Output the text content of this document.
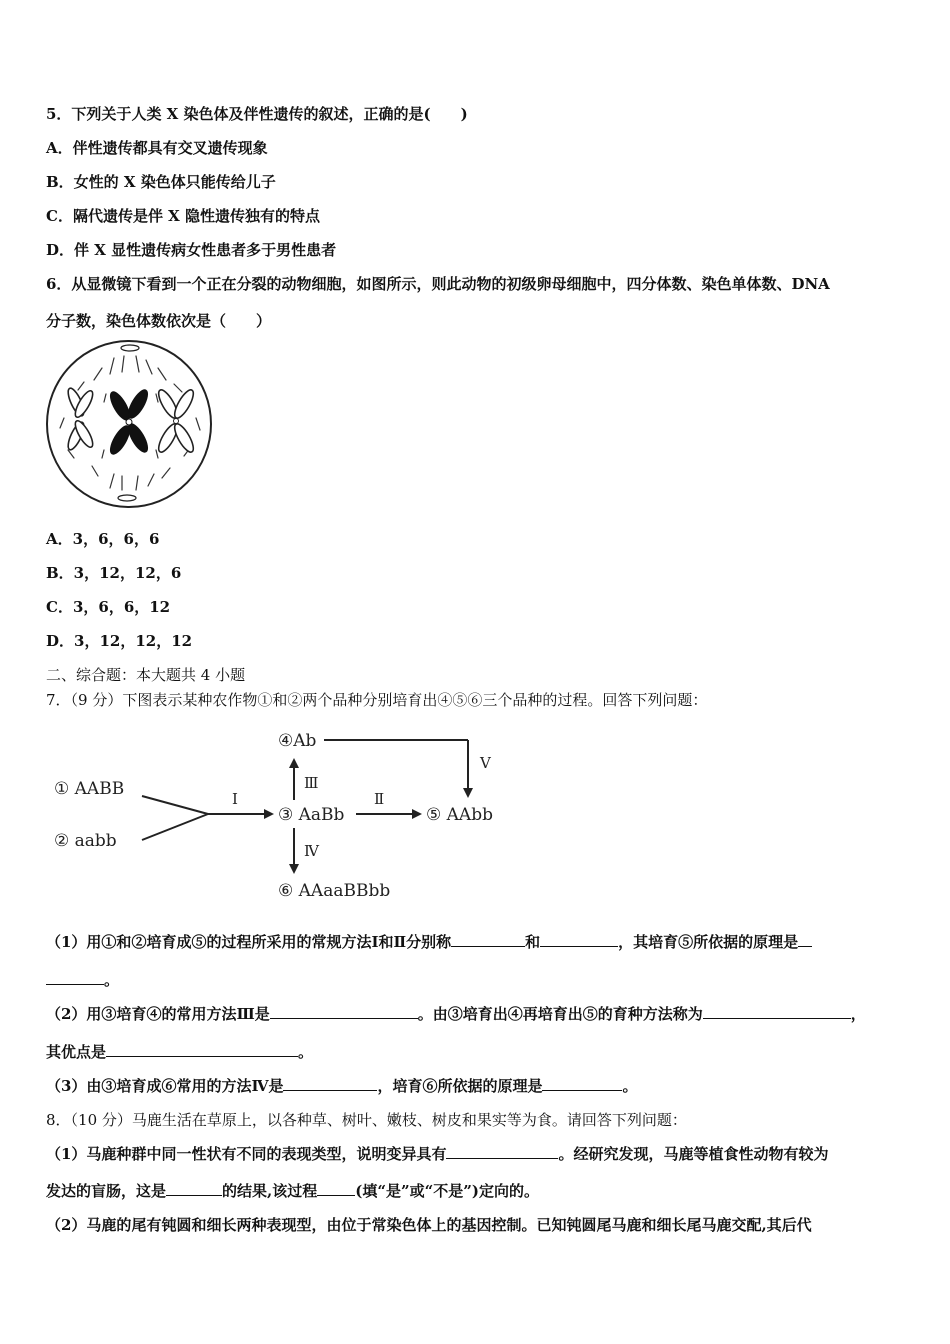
5．下列关于人类 X 染色体及伴性遗传的叙述，正确的是(　　)
A．伴性遗传都具有交叉遗传现象
B．女性的 X 染色体只能传给儿子
C．隔代遗传是伴 X 隐性遗传独有的特点
D．伴 X 显性遗传病女性患者多于男性患者
6．从显微镜下看到一个正在分裂的动物细胞，如图所示，则此动物的初级卵母细胞中，四分体数、染色单体数、DNA
分子数，染色体数依次是（　　）
A．3，6，6，6
B．3，12，12，6
C．3，6，6，12
D．3，12，12，12
二、综合题：本大题共 4 小题
7．（9 分）下图表示某种农作物①和②两个品种分别培育出④⑤⑥三个品种的过程。回答下列问题：
① AABB
② aabb
Ⅰ
③ AaBb
Ⅱ
⑤ AAbb
Ⅲ
④Ab
Ⅴ
Ⅳ
⑥ AAaaBBbb
（1）用①和②培育成⑤的过程所采用的常规方法Ⅰ和Ⅱ分别称	和	，其培育⑤所依据的原理是
。
（2）用③培育④的常用方法Ⅲ是	。由③培育出④再培育出⑤的育种方法称为	，
其优点是	。
（3）由③培育成⑥常用的方法Ⅳ是	，培育⑥所依据的原理是	。
8．（10 分）马鹿生活在草原上，以各种草、树叶、嫩枝、树皮和果实等为食。请回答下列问题：
（1）马鹿种群中同一性状有不同的表现类型，说明变异具有	。经研究发现，马鹿等植食性动物有较为
发达的盲肠，这是	的结果,该过程	(填“是”或“不是”)定向的。
（2）马鹿的尾有钝圆和细长两种表现型，由位于常染色体上的基因控制。已知钝圆尾马鹿和细长尾马鹿交配,其后代
